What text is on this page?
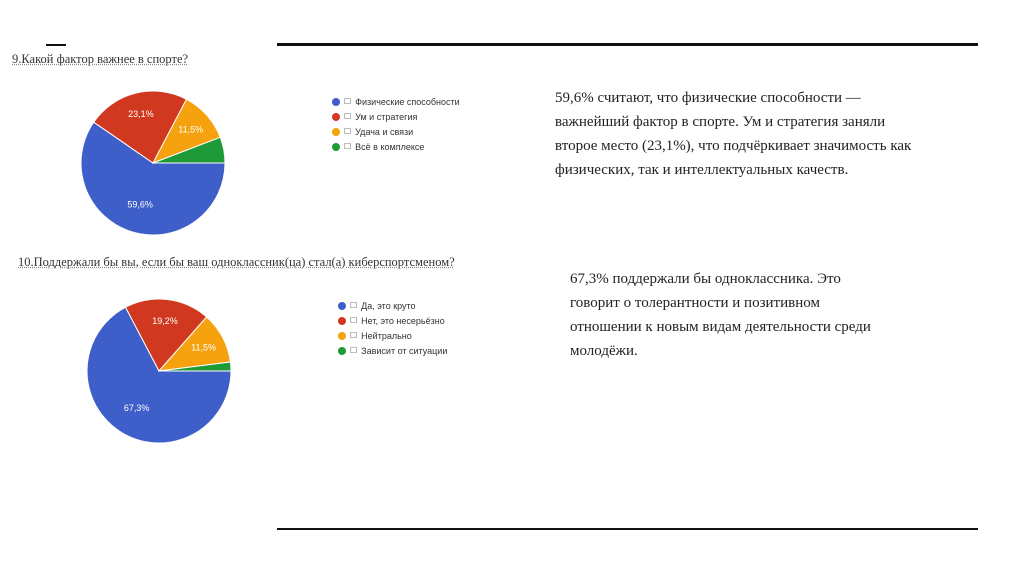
9.Какой фактор важнее в спорте?
10.Поддержали бы вы, если бы ваш одноклассник(ца) стал(а) киберспортсменом?
59,6%
23,1%
11,5%
67,3%
19,2%
11,5%
☐ Физические способности
☐ Ум и стратегия
☐ Удача и связи
☐ Всё в комплексе
☐ Да, это круто
☐ Нет, это несерьёзно
☐ Нейтрально
☐ Зависит от ситуации
59,6% считают, что физические способности —
важнейший фактор в спорте. Ум и стратегия заняли
второе место (23,1%), что подчёркивает значимость как
физических, так и интеллектуальных качеств.
67,3% поддержали бы одноклассника. Это
говорит о толерантности и позитивном
отношении к новым видам деятельности среди
молодёжи.
